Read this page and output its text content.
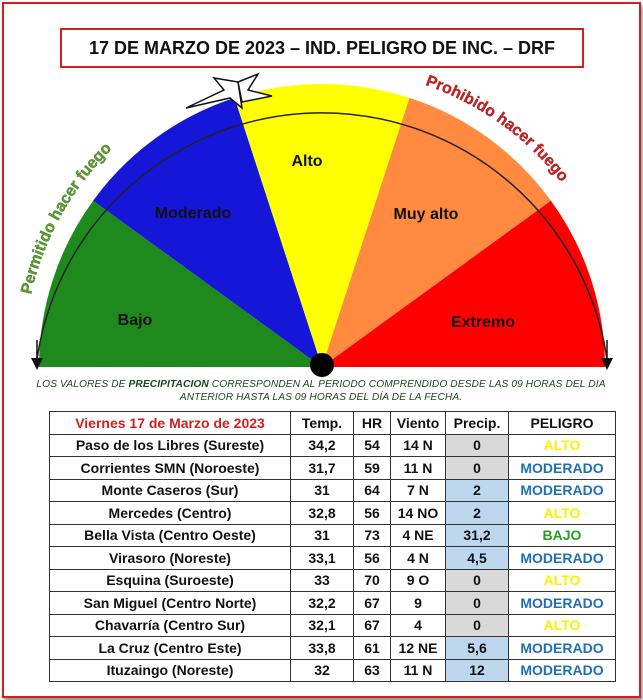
17 DE MARZO DE 2023 – IND. PELIGRO DE INC. – DRF
Bajo
Moderado
Alto
Muy alto
Extremo
Permitido hacer fuego
Prohibido hacer fuego
LOS VALORES DE PRECIPITACION CORRESPONDEN AL PERIODO COMPRENDIDO DESDE LAS 09 HORAS DEL DIA
ANTERIOR HASTA LAS 09 HORAS DEL DÍA DE LA FECHA.
Viernes 17 de Marzo de 2023	Temp.	HR	Viento	Precip.	PELIGRO
Paso de los Libres (Sureste)	34,2	54	14 N	0	ALTO
Corrientes SMN (Noroeste)	31,7	59	11 N	0	MODERADO
Monte Caseros (Sur)	31	64	7 N	2	MODERADO
Mercedes (Centro)	32,8	56	14 NO	2	ALTO
Bella Vista (Centro Oeste)	31	73	4 NE	31,2	BAJO
Virasoro (Noreste)	33,1	56	4 N	4,5	MODERADO
Esquina (Suroeste)	33	70	9 O	0	ALTO
San Miguel (Centro Norte)	32,2	67	9	0	MODERADO
Chavarría (Centro Sur)	32,1	67	4	0	ALTO
La Cruz (Centro Este)	33,8	61	12 NE	5,6	MODERADO
Ituzaingo (Noreste)	32	63	11 N	12	MODERADO
